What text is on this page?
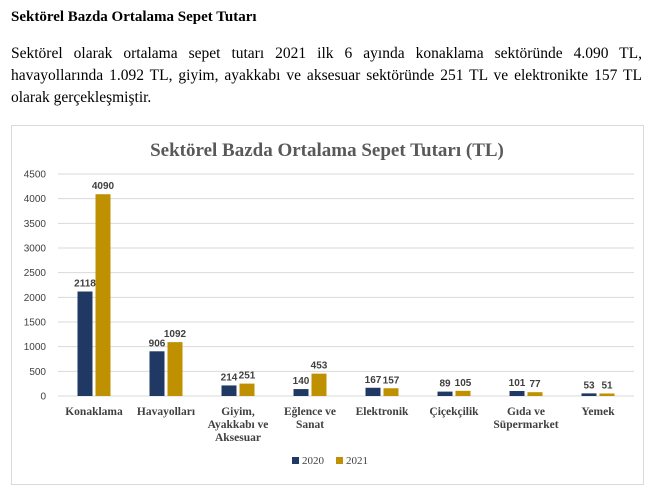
Sektörel Bazda Ortalama Sepet Tutarı
Sektörel olarak ortalama sepet tutarı 2021 ilk 6 ayında konaklama sektöründe 4.090 TL, havayollarında 1.092 TL, giyim, ayakkabı ve aksesuar sektöründe 251 TL ve elektronikte 157 TL olarak gerçekleşmiştir.
Sektörel Bazda Ortalama Sepet Tutarı (TL)
0
500
1000
1500
2000
2500
3000
3500
4000
4500
2118
4090
Konaklama
906
1092
Havayolları
214 251
Giyim,
Ayakkabı ve
Aksesuar
140
453
Eğlence ve
Sanat
167 157
Elektronik
89 105
Çiçekçilik
101 77
Gıda ve
Süpermarket
53 51
Yemek
2020 2021
